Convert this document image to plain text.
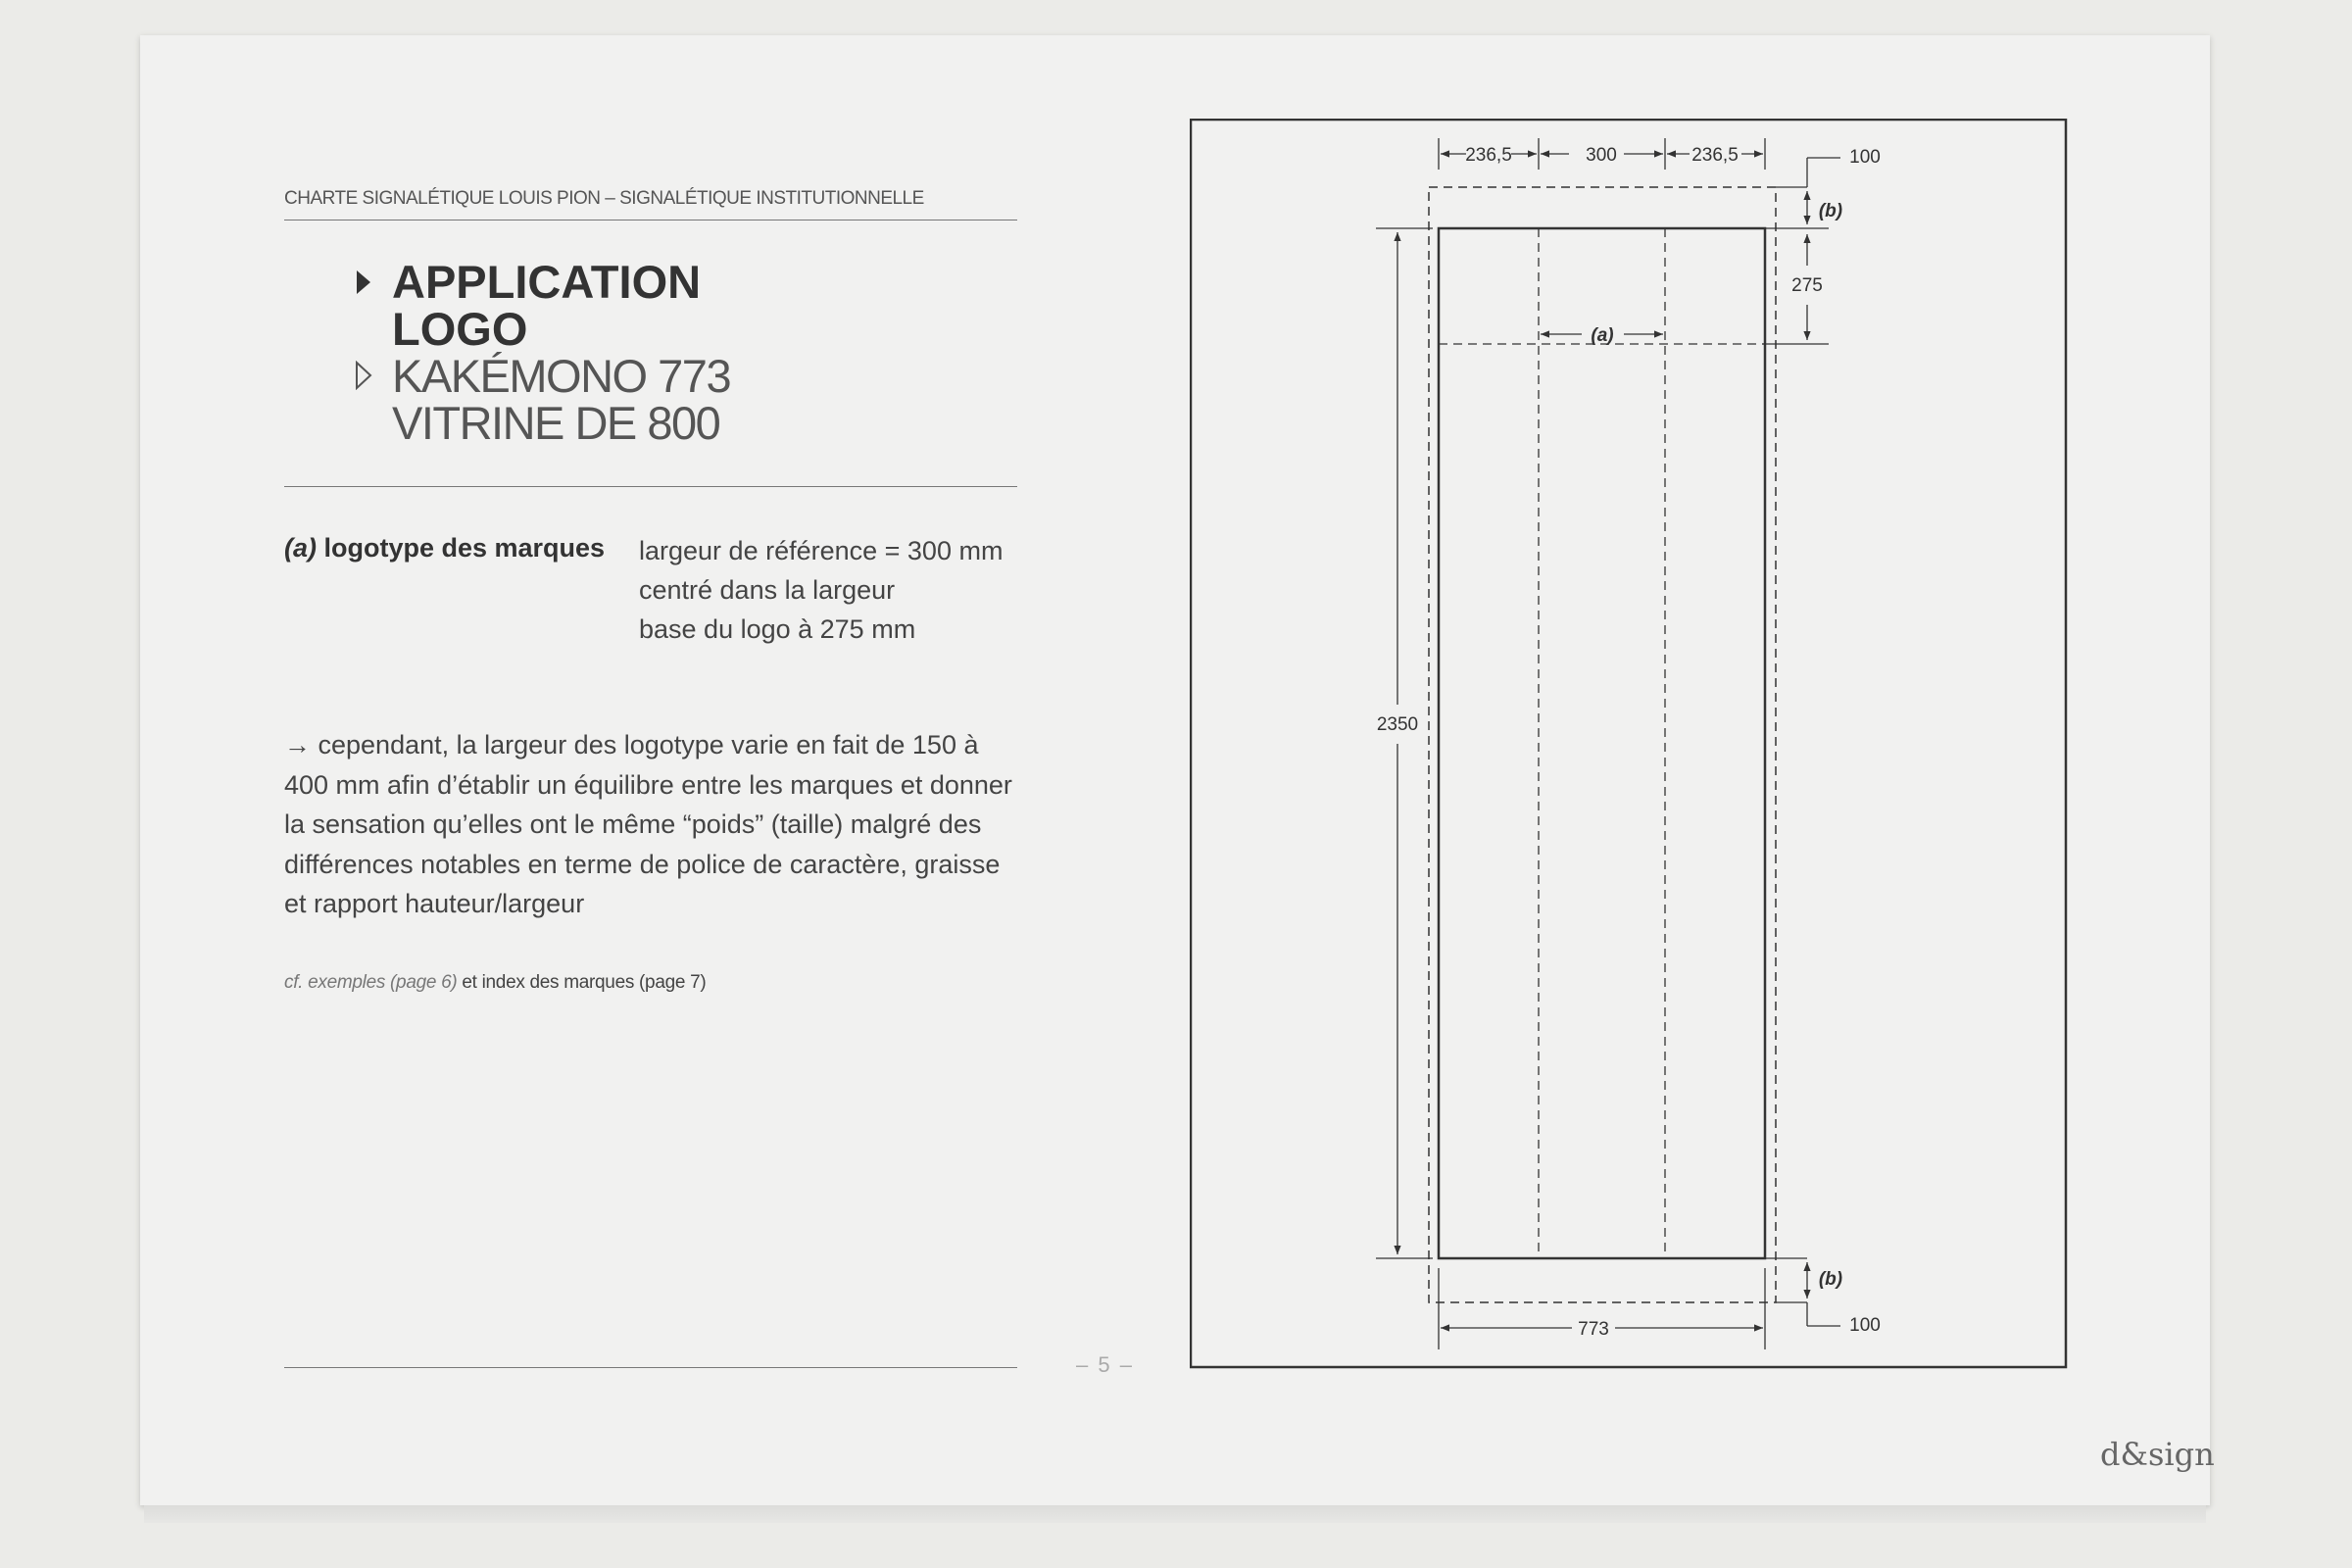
CHARTE SIGNALÉTIQUE LOUIS PION – SIGNALÉTIQUE INSTITUTIONNELLE
APPLICATION
LOGO
KAKÉMONO 773
VITRINE DE 800
(a) logotype des marques largeur de référence = 300 mm
centré dans la largeur
base du logo à 275 mm
→ cependant, la largeur des logotype varie en fait de 150 à 400 mm afin d’établir un équilibre entre les marques et donner la sensation qu’elles ont le même “poids” (taille) malgré des différences notables en terme de police de caractère, graisse et rapport hauteur/largeur
cf. exemples (page 6) et index des marques (page 7)
– 5 –
236,5	300	236,5	100
275
2350
773	100
(a)
(b)
(b)
d&sign
